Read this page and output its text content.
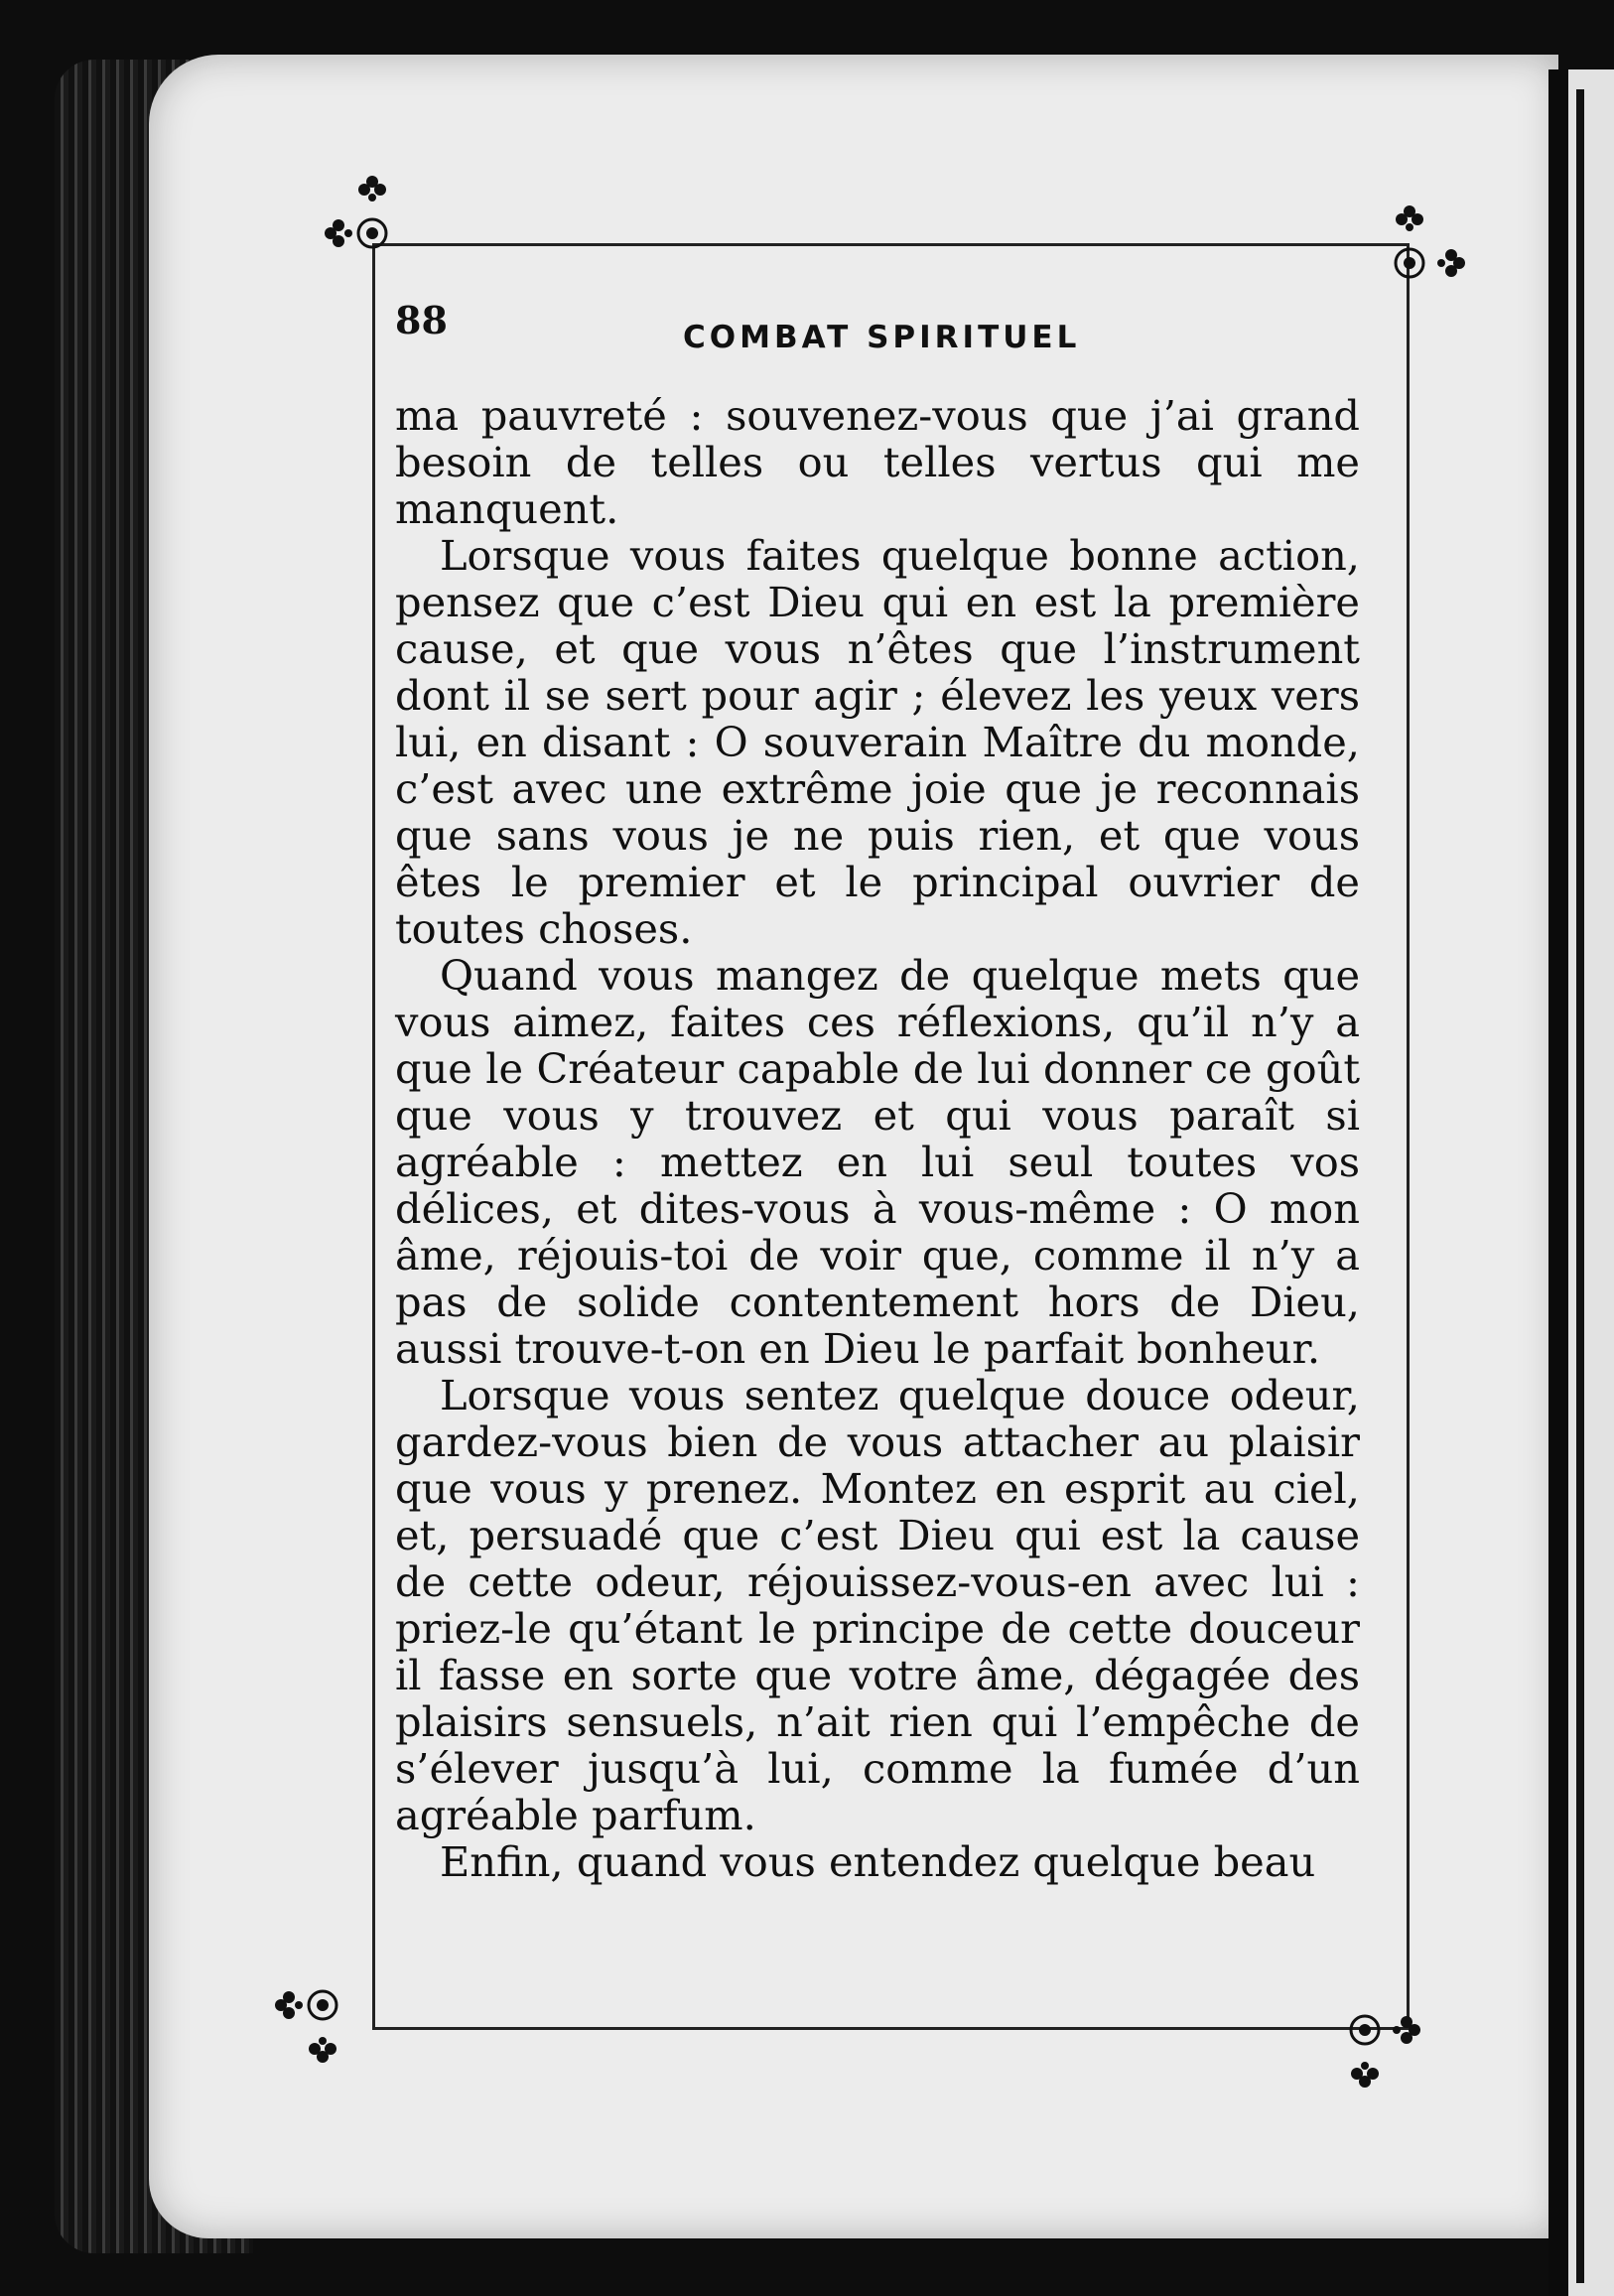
88	COMBAT SPIRITUEL

ma pauvreté : souvenez-vous que j’ai grand besoin de telles ou telles vertus qui me manquent.

Lorsque vous faites quelque bonne action, pensez que c’est Dieu qui en est la première cause, et que vous n’êtes que l’instrument dont il se sert pour agir ; élevez les yeux vers lui, en disant : O souverain Maître du monde, c’est avec une extrême joie que je reconnais que sans vous je ne puis rien, et que vous êtes le premier et le principal ouvrier de toutes choses.

Quand vous mangez de quelque mets que vous aimez, faites ces réflexions, qu’il n’y a que le Créateur capable de lui donner ce goût que vous y trouvez et qui vous paraît si agréable : mettez en lui seul toutes vos délices, et dites-vous à vous-même : O mon âme, réjouis-toi de voir que, comme il n’y a pas de solide contentement hors de Dieu, aussi trouve-t-on en Dieu le parfait bonheur.

Lorsque vous sentez quelque douce odeur, gardez-vous bien de vous attacher au plaisir que vous y prenez. Montez en esprit au ciel, et, persuadé que c’est Dieu qui est la cause de cette odeur, réjouissez-vous-en avec lui : priez-le qu’étant le principe de cette douceur il fasse en sorte que votre âme, dégagée des plaisirs sensuels, n’ait rien qui l’empêche de s’élever jusqu’à lui, comme la fumée d’un agréable parfum.

Enfin, quand vous entendez quelque beau
